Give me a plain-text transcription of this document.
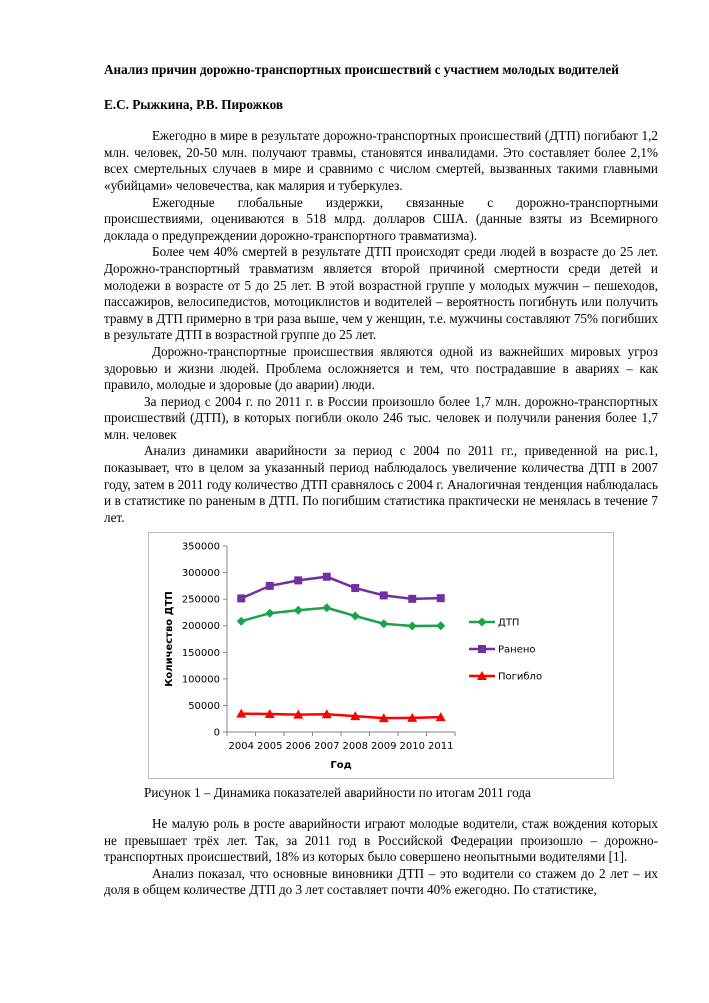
Анализ причин дорожно-транспортных происшествий с участием молодых водителей

Е.С. Рыжкина, Р.В. Пирожков

Ежегодно в мире в результате дорожно-транспортных происшествий (ДТП) погибают 1,2 млн. человек, 20-50 млн. получают травмы, становятся инвалидами. Это составляет более 2,1% всех смертельных случаев в мире и сравнимо с числом смертей, вызванных такими главными «убийцами» человечества, как малярия и туберкулез.

Ежегодные глобальные издержки, связанные с дорожно-транспортными происшествиями, оцениваются в 518 млрд. долларов США. (данные взяты из Всемирного доклада о предупреждении дорожно-транспортного травматизма).

Более чем 40% смертей в результате ДТП происходят среди людей в возрасте до 25 лет. Дорожно-транспортный травматизм является второй причиной смертности среди детей и молодежи в возрасте от 5 до 25 лет. В этой возрастной группе у молодых мужчин – пешеходов, пассажиров, велосипедистов, мотоциклистов и водителей – вероятность погибнуть или получить травму в ДТП примерно в три раза выше, чем у женщин, т.е. мужчины составляют 75% погибших в результате ДТП в возрастной группе до 25 лет.

Дорожно-транспортные происшествия являются одной из важнейших мировых угроз здоровью и жизни людей. Проблема осложняется и тем, что пострадавшие в авариях – как правило, молодые и здоровые (до аварии) люди.

За период с 2004 г. по 2011 г. в России произошло более 1,7 млн. дорожно-транспортных происшествий (ДТП), в которых погибли около 246 тыс. человек и получили ранения более 1,7 млн. человек

Анализ динамики аварийности за период с 2004 по 2011 гг., приведенной на рис.1, показывает, что в целом за указанный период наблюдалось увеличение количества ДТП в 2007 году, затем в 2011 году количество ДТП сравнялось с 2004 г. Аналогичная тенденция наблюдалась и в статистике по раненым в ДТП. По погибшим статистика практически не менялась в течение 7 лет.

0
50000
100000
150000
200000
250000
300000
350000
2004 2005 2006 2007 2008 2009 2010 2011
Год
Количество ДТП	ДТП
Ранено
Погибло

Рисунок 1 – Динамика показателей аварийности по итогам 2011 года

Не малую роль в росте аварийности играют молодые водители, стаж вождения которых не превышает трёх лет. Так, за 2011 год в Российской Федерации произошло – дорожно-транспортных происшествий, 18% из которых было совершено неопытными водителями [1].

Анализ показал, что основные виновники ДТП – это водители со стажем до 2 лет – их доля в общем количестве ДТП до 3 лет составляет почти 40% ежегодно. По статистике,
